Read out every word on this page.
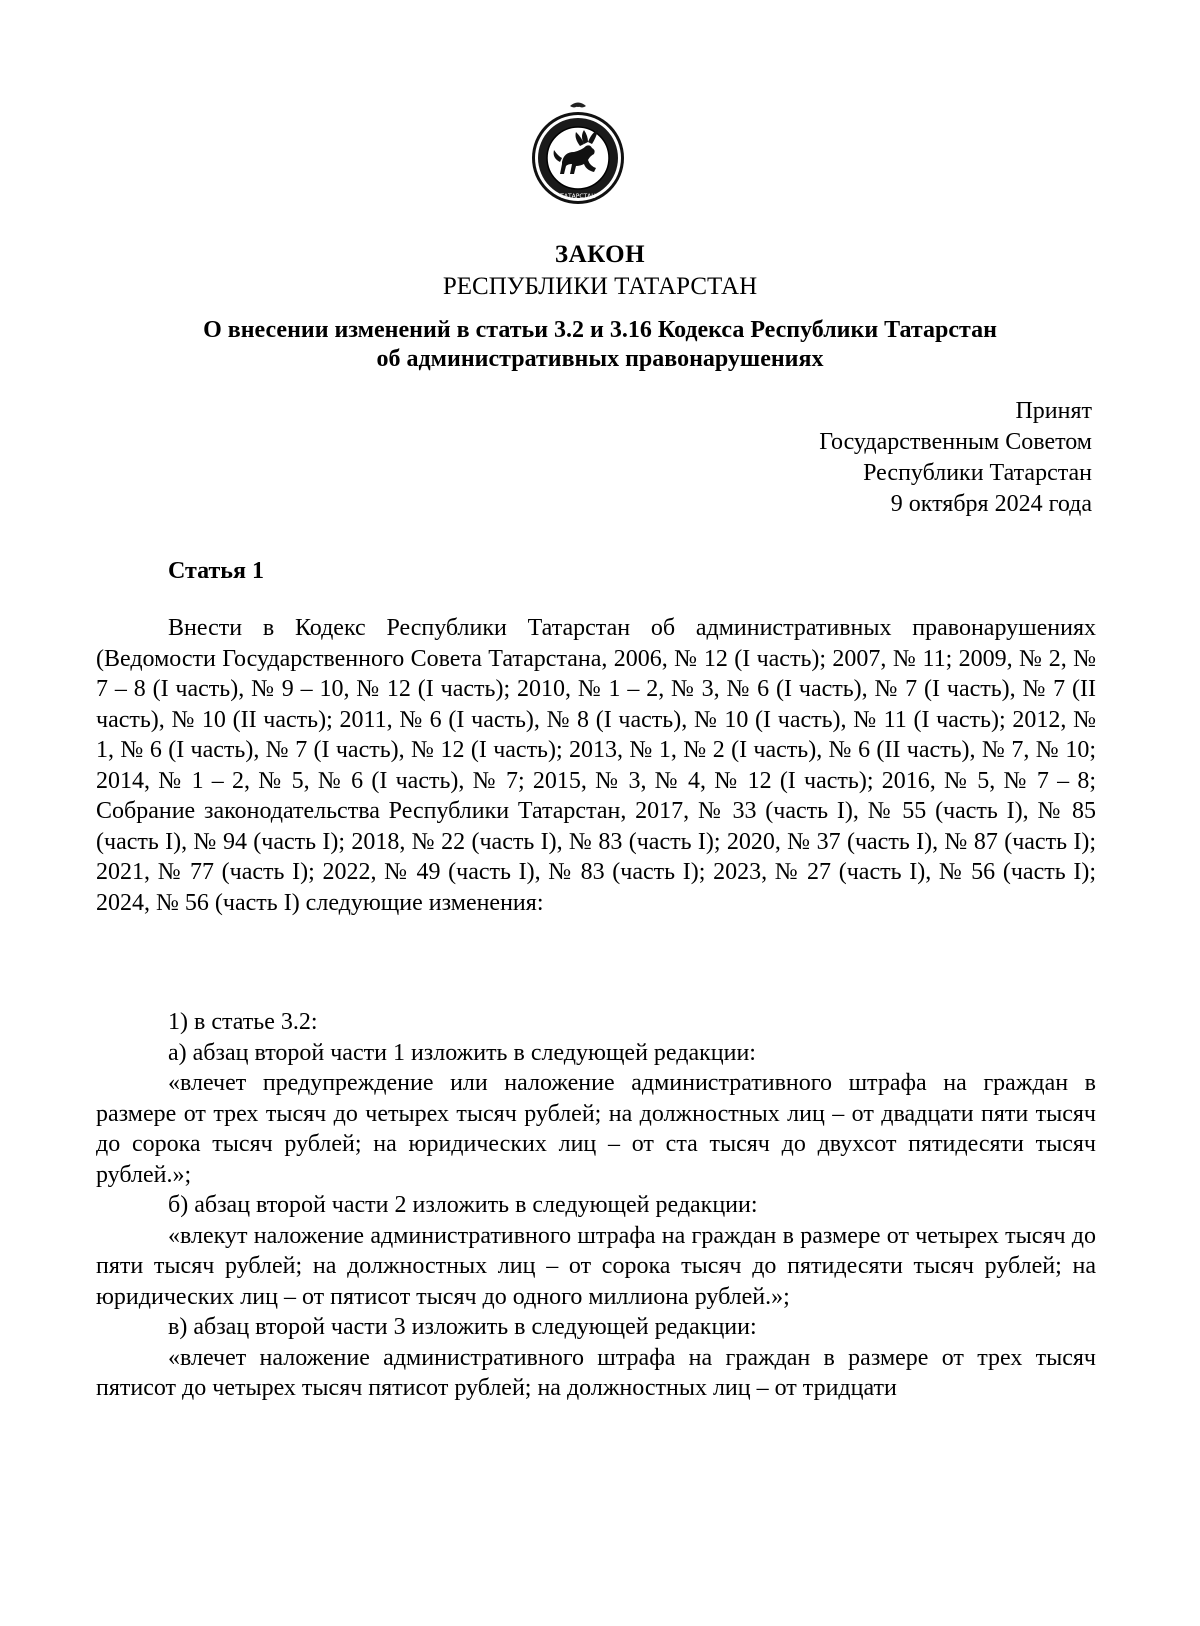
ТАТАРСТАН
ЗАКОН
РЕСПУБЛИКИ ТАТАРСТАН
О внесении изменений в статьи 3.2 и 3.16 Кодекса Республики Татарстан
об административных правонарушениях
Принят
Государственным Советом
Республики Татарстан
9 октября 2024 года
Статья 1

Внести в Кодекс Республики Татарстан об административных правонарушениях (Ведомости Государственного Совета Татарстана, 2006, № 12 (I часть); 2007, № 11; 2009, № 2, № 7 – 8 (I часть), № 9 – 10, № 12 (I часть); 2010, № 1 – 2, № 3, № 6 (I часть), № 7 (I часть), № 7 (II часть), № 10 (II часть); 2011, № 6 (I часть), № 8 (I часть), № 10 (I часть), № 11 (I часть); 2012, № 1, № 6 (I часть), № 7 (I часть), № 12 (I часть); 2013, № 1, № 2 (I часть), № 6 (II часть), № 7, № 10; 2014, № 1 – 2, № 5, № 6 (I часть), № 7; 2015, № 3, № 4, № 12 (I часть); 2016, № 5, № 7 – 8; Собрание законодательства Республики Татарстан, 2017, № 33 (часть I), № 55 (часть I), № 85 (часть I), № 94 (часть I); 2018, № 22 (часть I), № 83 (часть I); 2020, № 37 (часть I), № 87 (часть I); 2021, № 77 (часть I); 2022, № 49 (часть I), № 83 (часть I); 2023, № 27 (часть I), № 56 (часть I); 2024, № 56 (часть I) следующие изменения:

1) в статье 3.2:

а) абзац второй части 1 изложить в следующей редакции:

«влечет предупреждение или наложение административного штрафа на граждан в размере от трех тысяч до четырех тысяч рублей; на должностных лиц – от двадцати пяти тысяч до сорока тысяч рублей; на юридических лиц – от ста тысяч до двухсот пятидесяти тысяч рублей.»;

б) абзац второй части 2 изложить в следующей редакции:

«влекут наложение административного штрафа на граждан в размере от четырех тысяч до пяти тысяч рублей; на должностных лиц – от сорока тысяч до пятидесяти тысяч рублей; на юридических лиц – от пятисот тысяч до одного миллиона рублей.»;

в) абзац второй части 3 изложить в следующей редакции:

«влечет наложение административного штрафа на граждан в размере от трех тысяч пятисот до четырех тысяч пятисот рублей; на должностных лиц – от тридцати
